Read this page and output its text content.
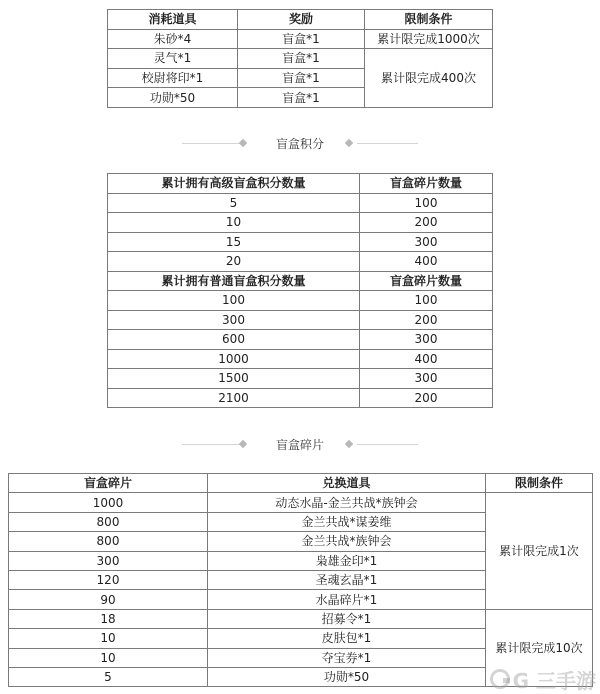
消耗道具	奖励	限制条件
朱砂*4	盲盒*1	累计限完成1000次
灵气*1	盲盒*1	累计限完成400次
校尉将印*1	盲盒*1	
功勋*50	盲盒*1	
盲盒积分
累计拥有高级盲盒积分数量	盲盒碎片数量
5	100
10	200
15	300
20	400
累计拥有普通盲盒积分数量	盲盒碎片数量
100	100
300	200
600	300
1000	400
1500	300
2100	200
盲盒碎片
盲盒碎片	兑换道具	限制条件
1000	动态水晶-金兰共战*族钟会	累计限完成1次
800	金兰共战*谋姜维	
800	金兰共战*族钟会	
300	枭雄金印*1	
120	圣魂玄晶*1	
90	水晶碎片*1	
18	招募令*1	累计限完成10次
10	皮肤包*1	
10	夺宝券*1	
5	功勋*50		G 三手游
